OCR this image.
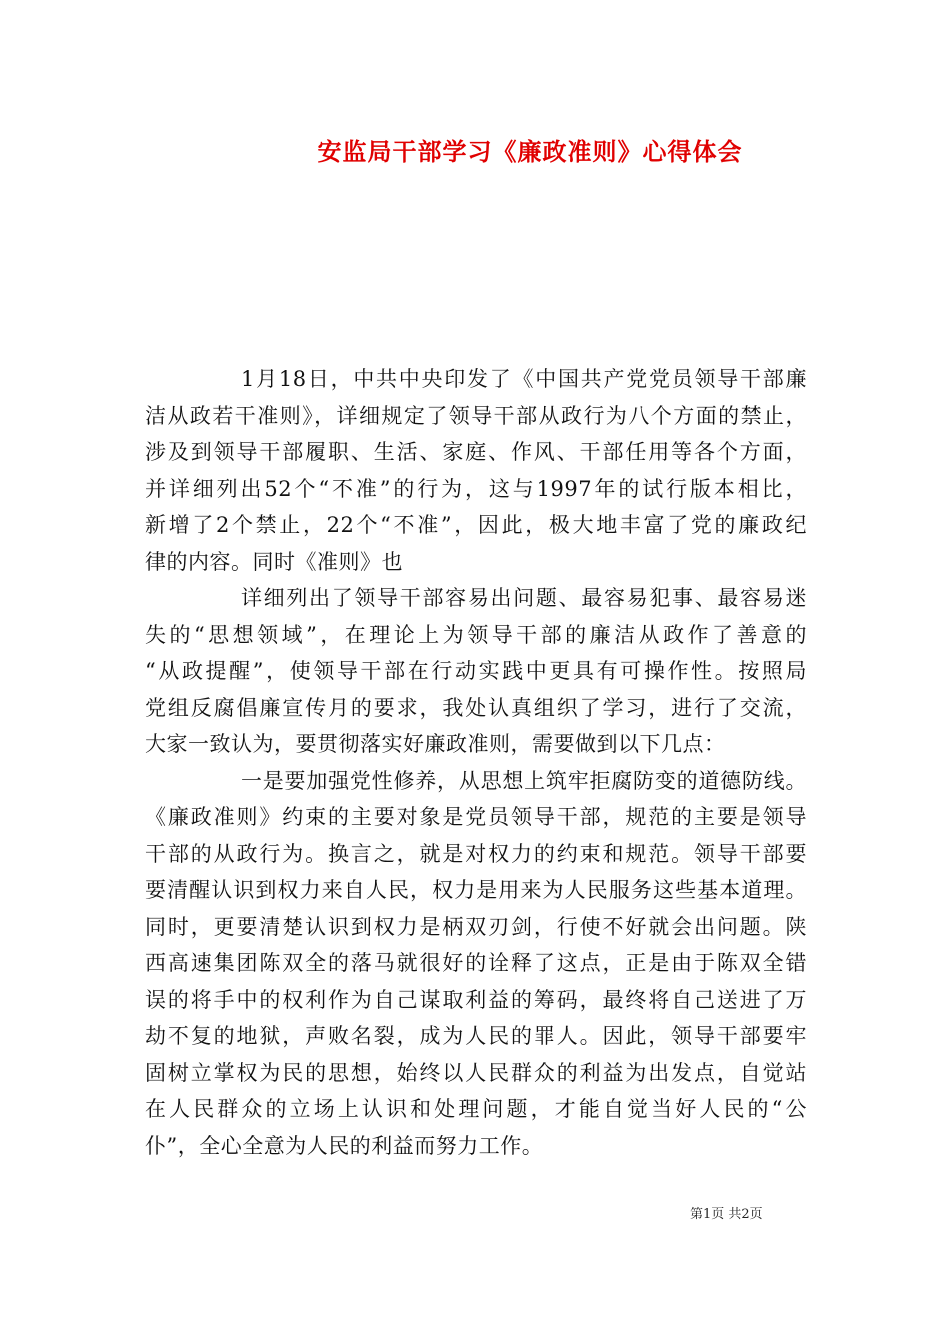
安监局干部学习《廉政准则》心得体会
1月18日，中共中央印发了《中国共产党党员领导干部廉
洁从政若干准则》，详细规定了领导干部从政行为八个方面的禁止，
涉及到领导干部履职、生活、家庭、作风、干部任用等各个方面，
并详细列出52个“不准”的行为，这与1997年的试行版本相比，
新增了2个禁止，22个“不准”，因此，极大地丰富了党的廉政纪
律的内容。同时《准则》也
详细列出了领导干部容易出问题、最容易犯事、最容易迷
失的“思想领域”，在理论上为领导干部的廉洁从政作了善意的
“从政提醒”，使领导干部在行动实践中更具有可操作性。按照局
党组反腐倡廉宣传月的要求，我处认真组织了学习，进行了交流，
大家一致认为，要贯彻落实好廉政准则，需要做到以下几点：
一是要加强党性修养，从思想上筑牢拒腐防变的道德防线。
《廉政准则》约束的主要对象是党员领导干部，规范的主要是领导
干部的从政行为。换言之，就是对权力的约束和规范。领导干部要
要清醒认识到权力来自人民，权力是用来为人民服务这些基本道理。
同时，更要清楚认识到权力是柄双刃剑，行使不好就会出问题。陕
西高速集团陈双全的落马就很好的诠释了这点，正是由于陈双全错
误的将手中的权利作为自己谋取利益的筹码，最终将自己送进了万
劫不复的地狱，声败名裂，成为人民的罪人。因此，领导干部要牢
固树立掌权为民的思想，始终以人民群众的利益为出发点，自觉站
在人民群众的立场上认识和处理问题，才能自觉当好人民的“公
仆”，全心全意为人民的利益而努力工作。
第1页 共2页
